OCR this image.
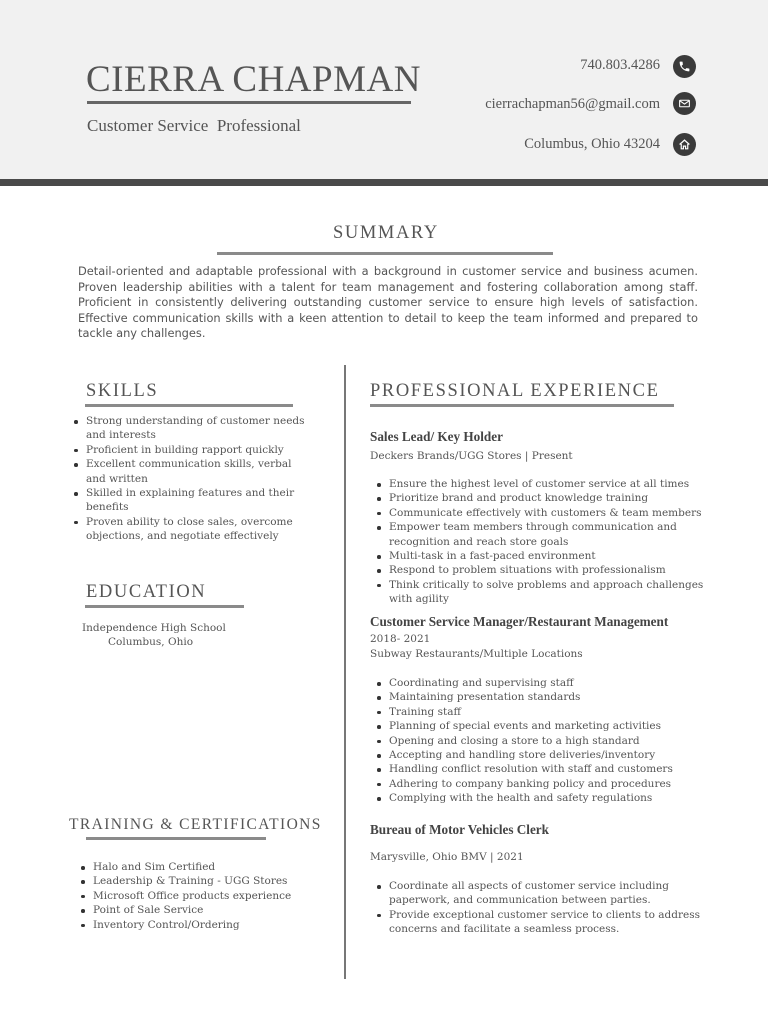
CIERRA CHAPMAN
Customer Service  Professional
740.803.4286
cierrachapman56@gmail.com
Columbus, Ohio 43204
SUMMARY
Detail-oriented and adaptable professional with a background in customer service and business acumen. Proven leadership abilities with a talent for team management and fostering collaboration among staff. Proficient in consistently delivering outstanding customer service to ensure high levels of satisfaction. Effective communication skills with a keen attention to detail to keep the team informed and prepared to tackle any challenges.
SKILLS
Strong understanding of customer needs and interests
Proficient in building rapport quickly
Excellent communication skills, verbal and written
Skilled in explaining features and their benefits
Proven ability to close sales, overcome objections, and negotiate effectively
EDUCATION
Independence High School
Columbus, Ohio
TRAINING & CERTIFICATIONS
Halo and Sim Certified
Leadership & Training - UGG Stores
Microsoft Office products experience
Point of Sale Service
Inventory Control/Ordering
PROFESSIONAL EXPERIENCE
Sales Lead/ Key Holder
Deckers Brands/UGG Stores | Present
Ensure the highest level of customer service at all times
Prioritize brand and product knowledge training
Communicate effectively with customers & team members
Empower team members through communication and recognition and reach store goals
Multi-task in a fast-paced environment
Respond to problem situations with professionalism
Think critically to solve problems and approach challenges with agility
Customer Service Manager/Restaurant Management
2018- 2021
Subway Restaurants/Multiple Locations
Coordinating and supervising staff
Maintaining presentation standards
Training staff
Planning of special events and marketing activities
Opening and closing a store to a high standard
Accepting and handling store deliveries/inventory
Handling conflict resolution with staff and customers
Adhering to company banking policy and procedures
Complying with the health and safety regulations
Bureau of Motor Vehicles Clerk
Marysville, Ohio BMV | 2021
Coordinate all aspects of customer service including paperwork, and communication between parties.
Provide exceptional customer service to clients to address concerns and facilitate a seamless process.
